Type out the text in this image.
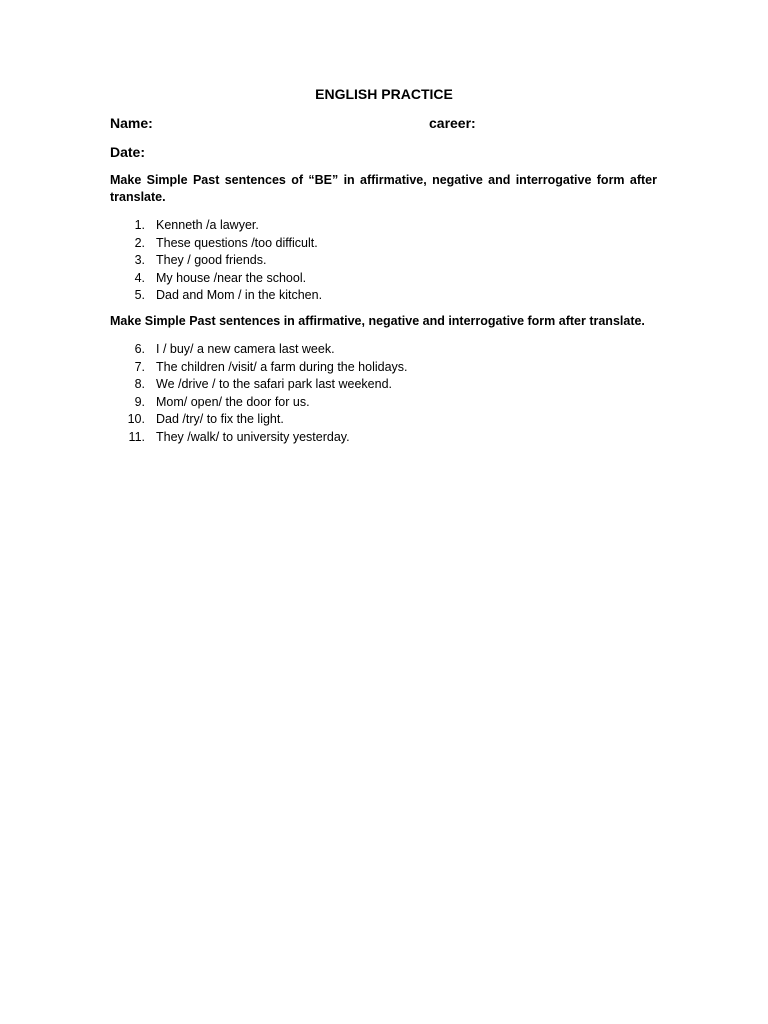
ENGLISH PRACTICE
Name:	career:
Date:
Make Simple Past sentences of “BE” in affirmative, negative and interrogative form after translate.
1. Kenneth /a lawyer.
2. These questions /too difficult.
3. They / good friends.
4. My house /near the school.
5. Dad and Mom / in the kitchen.
Make Simple Past sentences in affirmative, negative and interrogative form after translate.
6. I / buy/ a new camera last week.
7. The children /visit/ a farm during the holidays.
8. We /drive / to the safari park last weekend.
9. Mom/ open/ the door for us.
10. Dad /try/ to fix the light.
11. They /walk/ to university yesterday.
